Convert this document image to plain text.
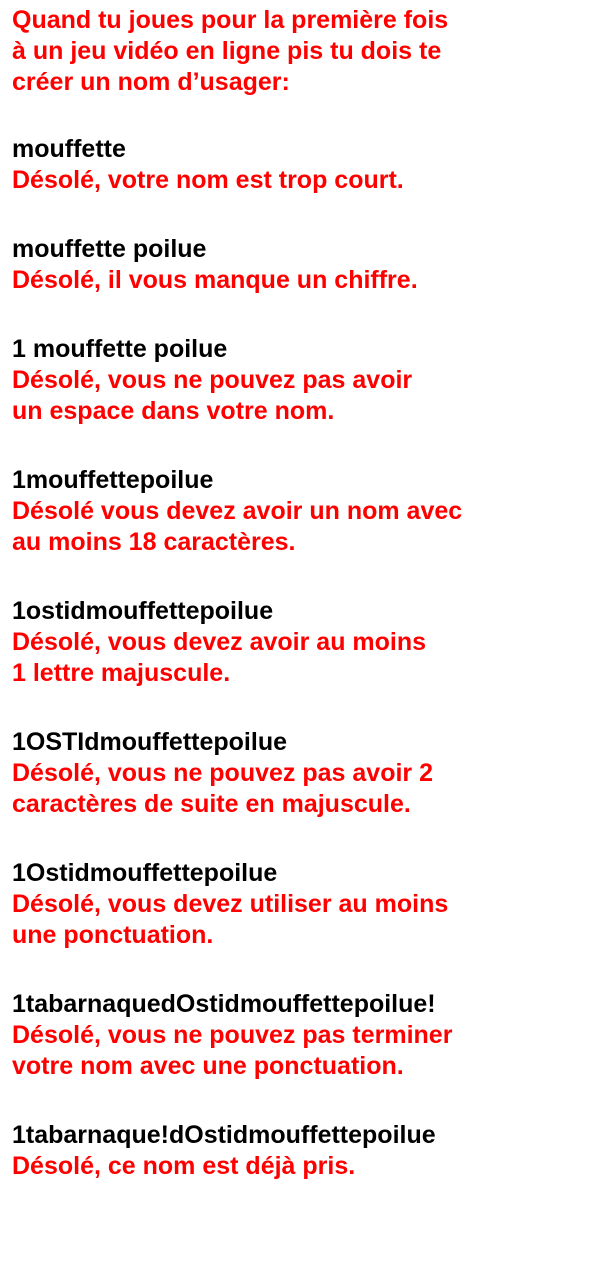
Quand tu joues pour la première fois
à un jeu vidéo en ligne pis tu dois te
créer un nom d’usager:

mouffette

Désolé, votre nom est trop court.

mouffette poilue

Désolé, il vous manque un chiffre.

1 mouffette poilue

Désolé, vous ne pouvez pas avoir
un espace dans votre nom.

1mouffettepoilue

Désolé vous devez avoir un nom avec
au moins 18 caractères.

1ostidmouffettepoilue

Désolé, vous devez avoir au moins
1 lettre majuscule.

1OSTIdmouffettepoilue

Désolé, vous ne pouvez pas avoir 2
caractères de suite en majuscule.

1Ostidmouffettepoilue

Désolé, vous devez utiliser au moins
une ponctuation.

1tabarnaquedOstidmouffettepoilue!

Désolé, vous ne pouvez pas terminer
votre nom avec une ponctuation.

1tabarnaque!dOstidmouffettepoilue

Désolé, ce nom est déjà pris.
